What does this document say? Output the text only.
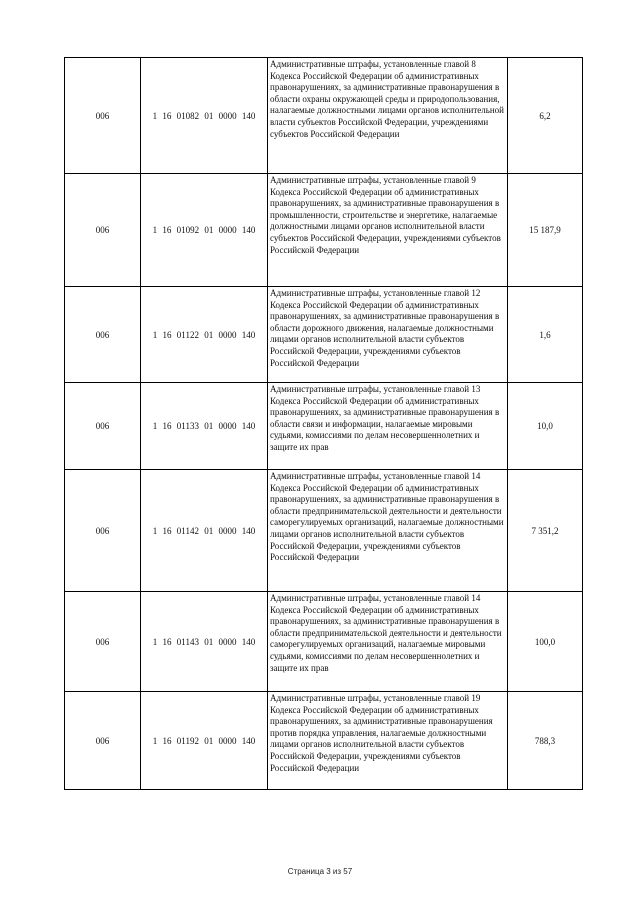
006	1 16 01082 01 0000 140	Административные штрафы, установленные главой 8 Кодекса Российской Федерации об административных правонарушениях, за административные правонарушения в области охраны окружающей среды и природопользования, налагаемые должностными лицами органов исполнительной власти субъектов Российской Федерации, учреждениями субъектов Российской Федерации	6,2
006	1 16 01092 01 0000 140	Административные штрафы, установленные главой 9 Кодекса Российской Федерации об административных правонарушениях, за административные правонарушения в промышленности, строительстве и энергетике, налагаемые должностными лицами органов исполнительной власти субъектов Российской Федерации, учреждениями субъектов Российской Федерации	15 187,9
006	1 16 01122 01 0000 140	Административные штрафы, установленные главой 12 Кодекса Российской Федерации об административных правонарушениях, за административные правонарушения в области дорожного движения, налагаемые должностными лицами органов исполнительной власти субъектов Российской Федерации, учреждениями субъектов Российской Федерации	1,6
006	1 16 01133 01 0000 140	Административные штрафы, установленные главой 13 Кодекса Российской Федерации об административных правонарушениях, за административные правонарушения в области связи и информации, налагаемые мировыми судьями, комиссиями по делам несовершеннолетних и защите их прав	10,0
006	1 16 01142 01 0000 140	Административные штрафы, установленные главой 14 Кодекса Российской Федерации об административных правонарушениях, за административные правонарушения в области предпринимательской деятельности и деятельности саморегулируемых организаций, налагаемые должностными лицами органов исполнительной власти субъектов Российской Федерации, учреждениями субъектов Российской Федерации	7 351,2
006	1 16 01143 01 0000 140	Административные штрафы, установленные главой 14 Кодекса Российской Федерации об административных правонарушениях, за административные правонарушения в области предпринимательской деятельности и деятельности саморегулируемых организаций, налагаемые мировыми судьями, комиссиями по делам несовершеннолетних и защите их прав	100,0
006	1 16 01192 01 0000 140	Административные штрафы, установленные главой 19 Кодекса Российской Федерации об административных правонарушениях, за административные правонарушения против порядка управления, налагаемые должностными лицами органов исполнительной власти субъектов Российской Федерации, учреждениями субъектов Российской Федерации	788,3
Страница 3 из 57
